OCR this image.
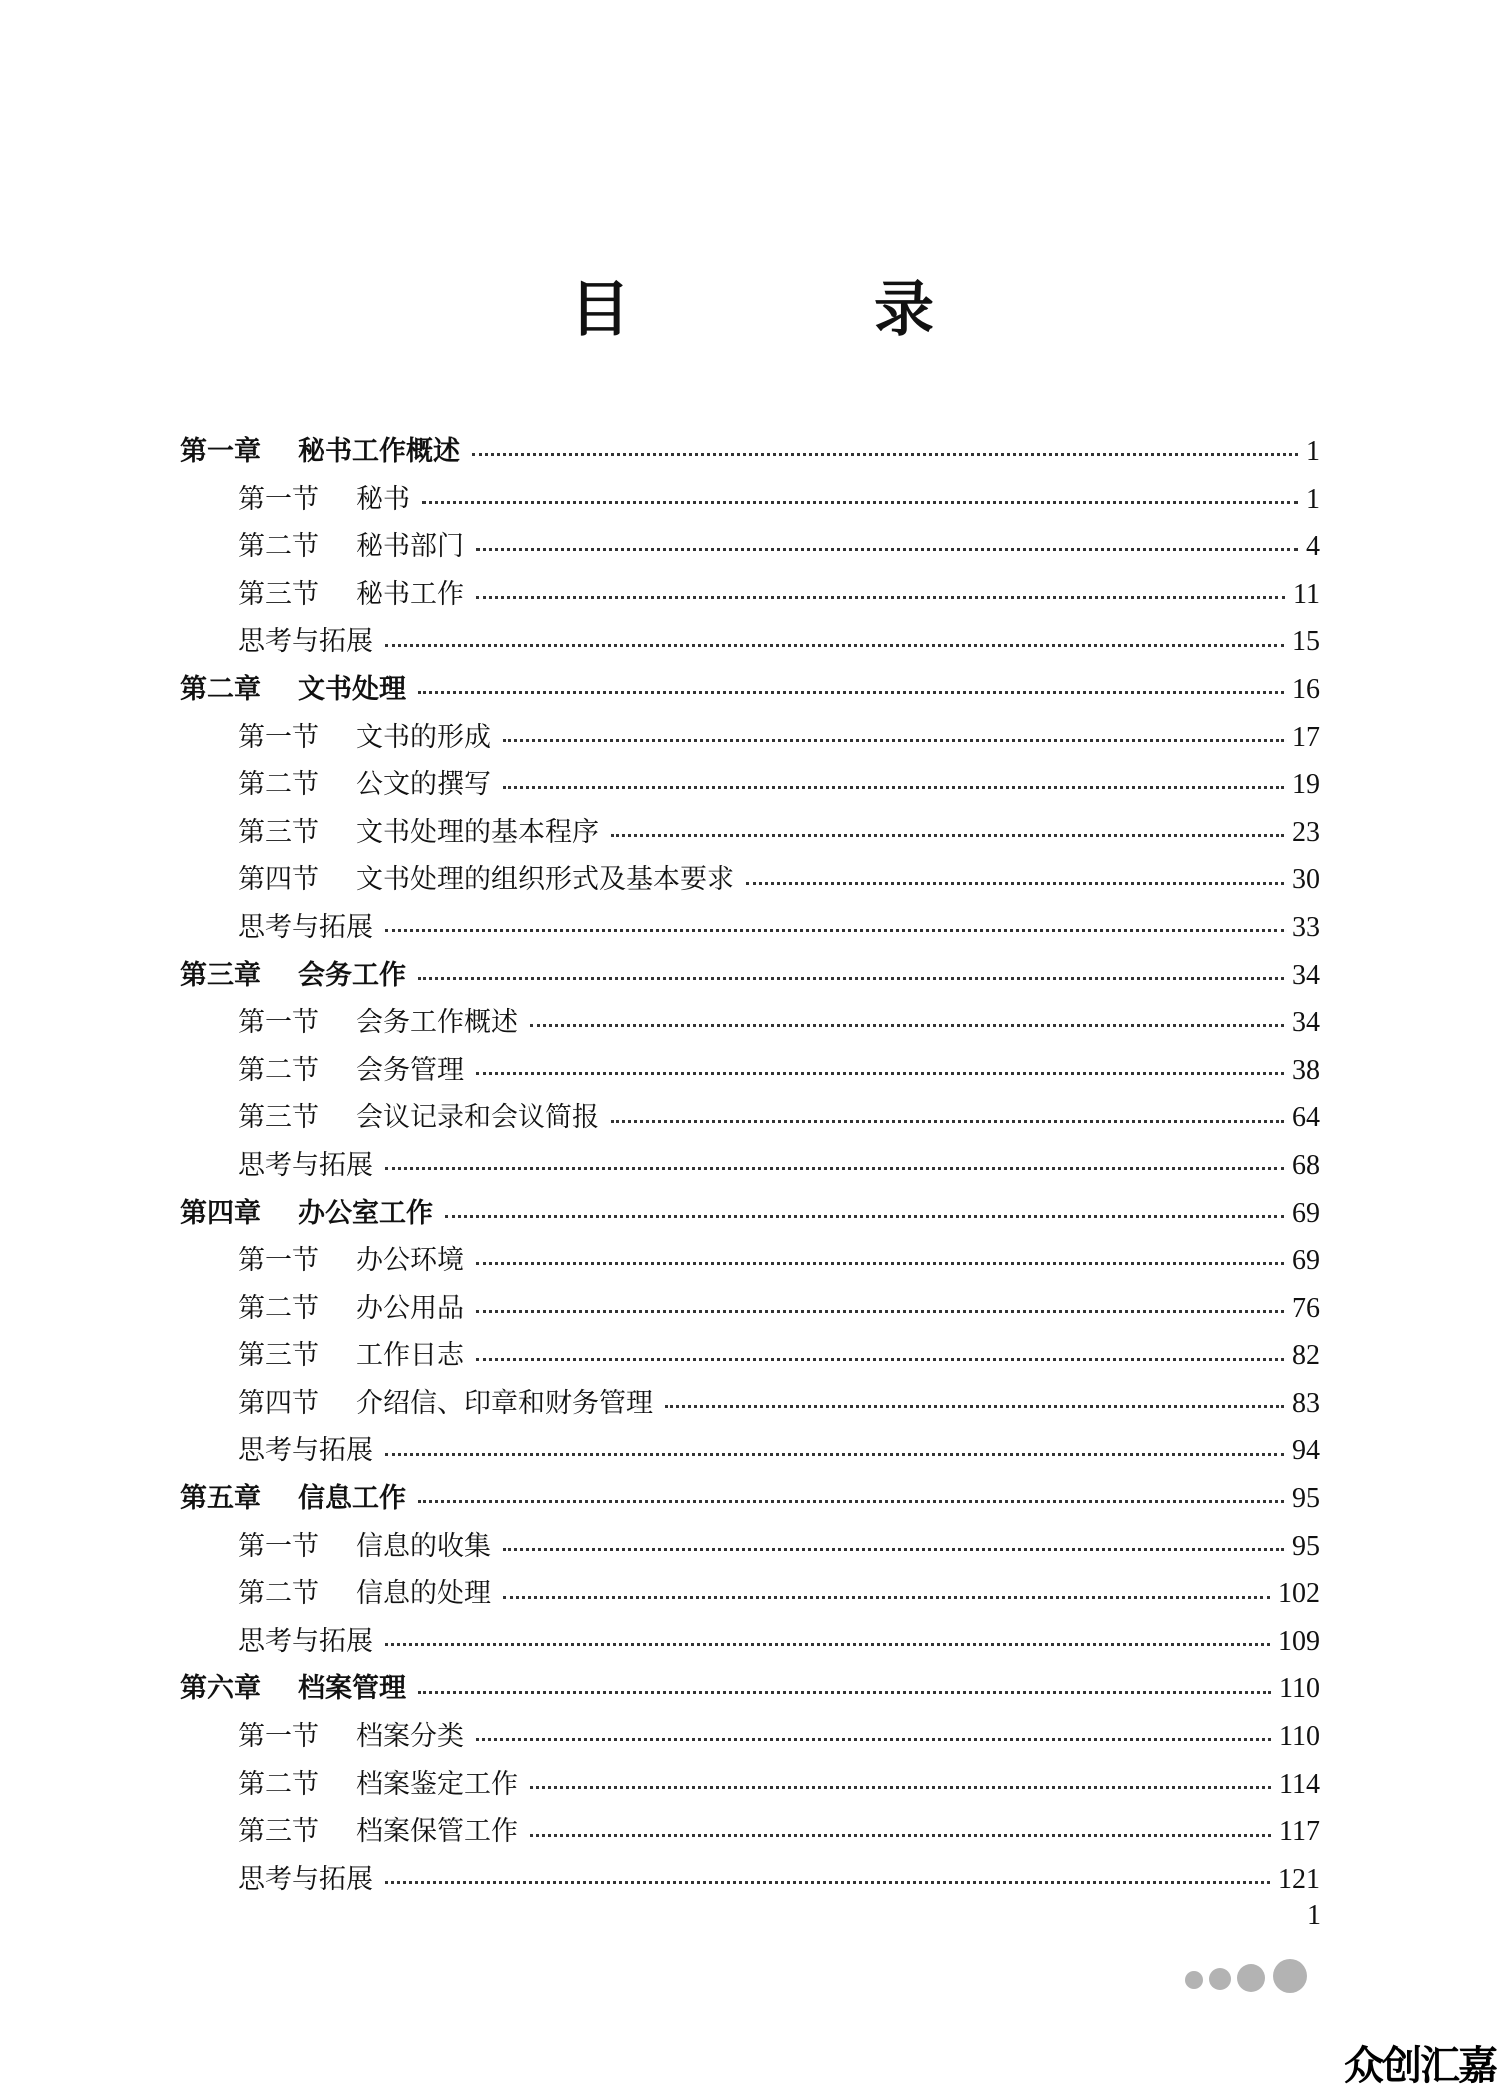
目　录
第一章	秘书工作概述	1
第一节	秘书	1
第二节	秘书部门	4
第三节	秘书工作	11
思考与拓展	15
第二章	文书处理	16
第一节	文书的形成	17
第二节	公文的撰写	19
第三节	文书处理的基本程序	23
第四节	文书处理的组织形式及基本要求	30
思考与拓展	33
第三章	会务工作	34
第一节	会务工作概述	34
第二节	会务管理	38
第三节	会议记录和会议简报	64
思考与拓展	68
第四章	办公室工作	69
第一节	办公环境	69
第二节	办公用品	76
第三节	工作日志	82
第四节	介绍信、印章和财务管理	83
思考与拓展	94
第五章	信息工作	95
第一节	信息的收集	95
第二节	信息的处理	102
思考与拓展	109
第六章	档案管理	110
第一节	档案分类	110
第二节	档案鉴定工作	114
第三节	档案保管工作	117
思考与拓展	121
1
众创汇嘉
